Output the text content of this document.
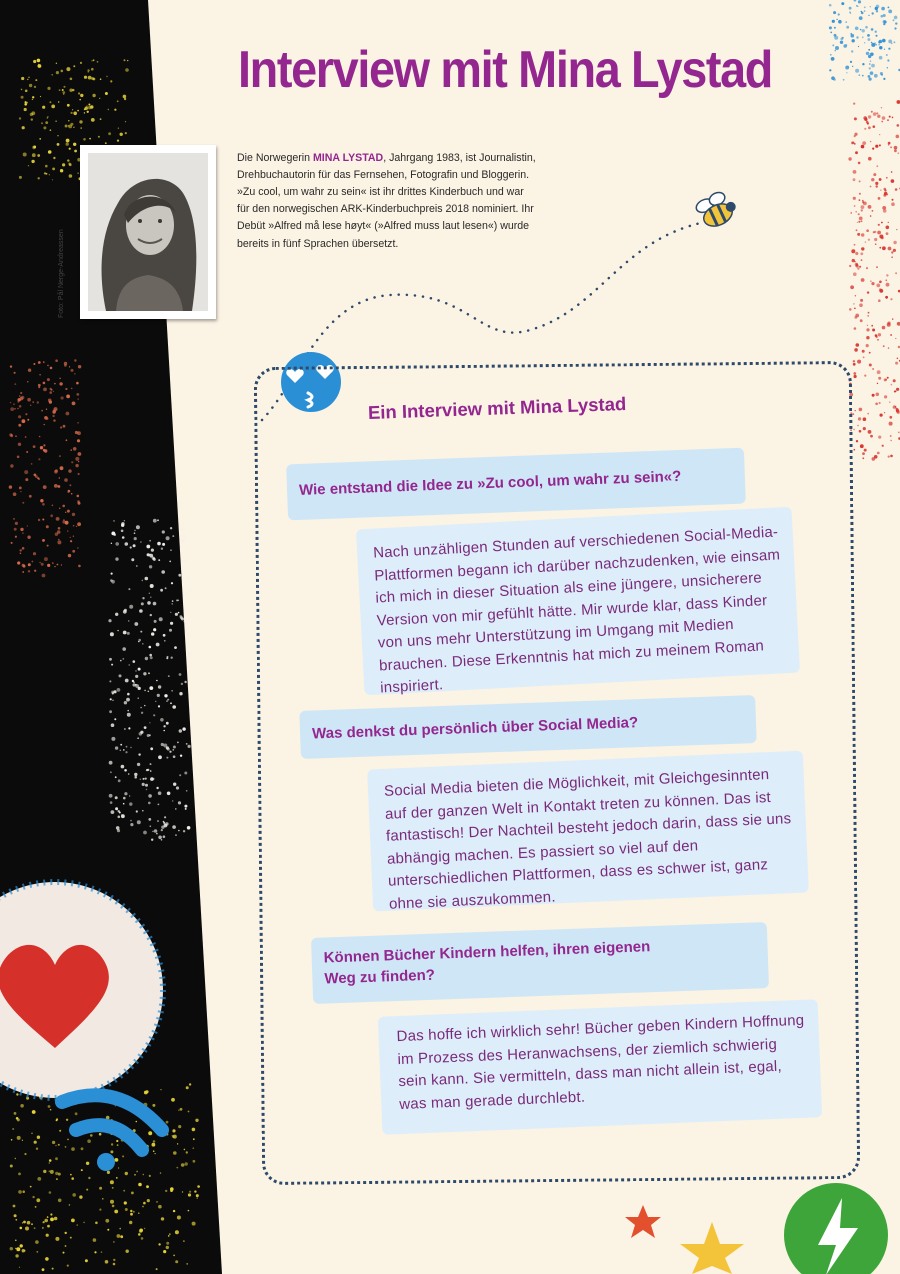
Interview mit Mina Lystad
Foto: Pål Nerge-Andreassen

Die Norwegerin MINA LYSTAD, Jahrgang 1983, ist Journalistin, Drehbuchautorin für das Fernsehen, Fotografin und Bloggerin. »Zu cool, um wahr zu sein« ist ihr drittes Kinderbuch und war für den norwegischen ARK-Kinderbuchpreis 2018 nominiert. Ihr Debüt »Alfred må lese høyt« (»Alfred muss laut lesen«) wurde bereits in fünf Sprachen übersetzt.

Ein Interview mit Mina Lystad
Wie entstand die Idee zu »Zu cool, um wahr zu sein«?
Nach unzähligen Stunden auf verschiedenen Social-Media-Plattformen begann ich darüber nachzudenken, wie einsam ich mich in dieser Situation als eine jüngere, unsicherere Version von mir gefühlt hätte. Mir wurde klar, dass Kinder von uns mehr Unterstützung im Umgang mit Medien brauchen. Diese Erkenntnis hat mich zu meinem Roman inspiriert.
Was denkst du persönlich über Social Media?
Social Media bieten die Möglichkeit, mit Gleichgesinnten auf der ganzen Welt in Kontakt treten zu können. Das ist fantastisch! Der Nachteil besteht jedoch darin, dass sie uns abhängig machen. Es passiert so viel auf den unterschiedlichen Plattformen, dass es schwer ist, ganz ohne sie auszukommen.
Können Bücher Kindern helfen, ihren eigenen Weg zu finden?
Das hoffe ich wirklich sehr! Bücher geben Kindern Hoffnung im Prozess des Heranwachsens, der ziemlich schwierig sein kann. Sie vermitteln, dass man nicht allein ist, egal, was man gerade durchlebt.
